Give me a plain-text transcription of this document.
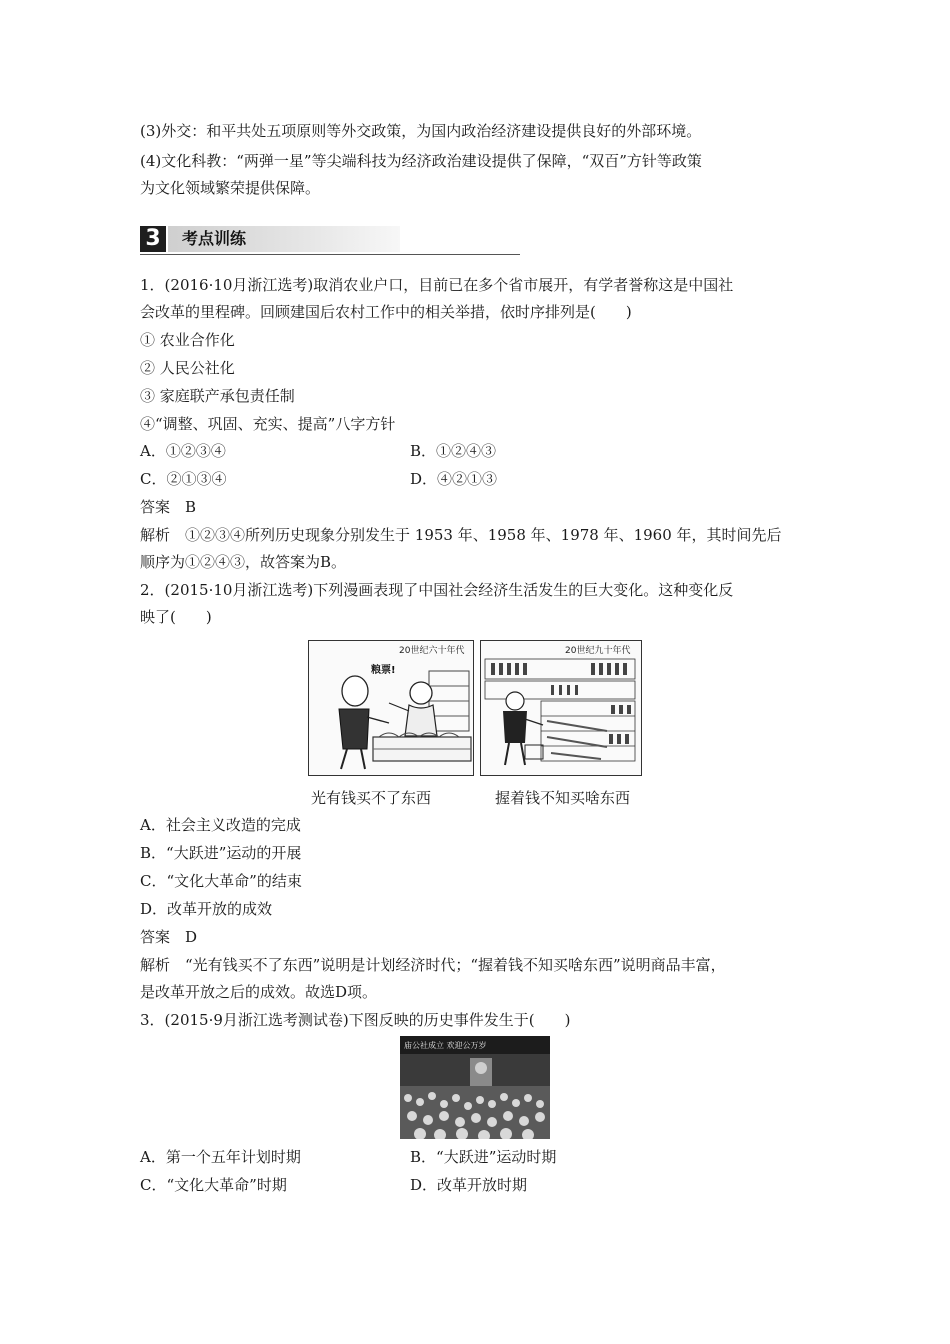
(3)外交：和平共处五项原则等外交政策，为国内政治经济建设提供良好的外部环境。
(4)文化科教：“两弹一星”等尖端科技为经济政治建设提供了保障，“双百”方针等政策
为文化领域繁荣提供保障。
3	考点训练
1．(2016·10月浙江选考)取消农业户口，目前已在多个省市展开，有学者誉称这是中国社
会改革的里程碑。回顾建国后农村工作中的相关举措，依时序排列是(　　)
① 农业合作化
② 人民公社化
③ 家庭联产承包责任制
④“调整、巩固、充实、提高”八字方针
A．①②③④	B．①②④③
C．②①③④	D．④②①③
答案　B
解析　①②③④所列历史现象分别发生于 1953 年、1958 年、1978 年、1960 年，其时间先后
顺序为①②④③，故答案为B。
2．(2015·10月浙江选考)下列漫画表现了中国社会经济生活发生的巨大变化。这种变化反
映了(　　)
20世纪六十年代
粮票!
20世纪九十年代
光有钱买不了东西	握着钱不知买啥东西
A．社会主义改造的完成
B．“大跃进”运动的开展
C．“文化大革命”的结束
D．改革开放的成效
答案　D
解析　“光有钱买不了东西”说明是计划经济时代；“握着钱不知买啥东西”说明商品丰富，
是改革开放之后的成效。故选D项。
3．(2015·9月浙江选考测试卷)下图反映的历史事件发生于(　　)
庙公社成立 欢迎公万岁
A．第一个五年计划时期	B．“大跃进”运动时期
C．“文化大革命”时期	D．改革开放时期
